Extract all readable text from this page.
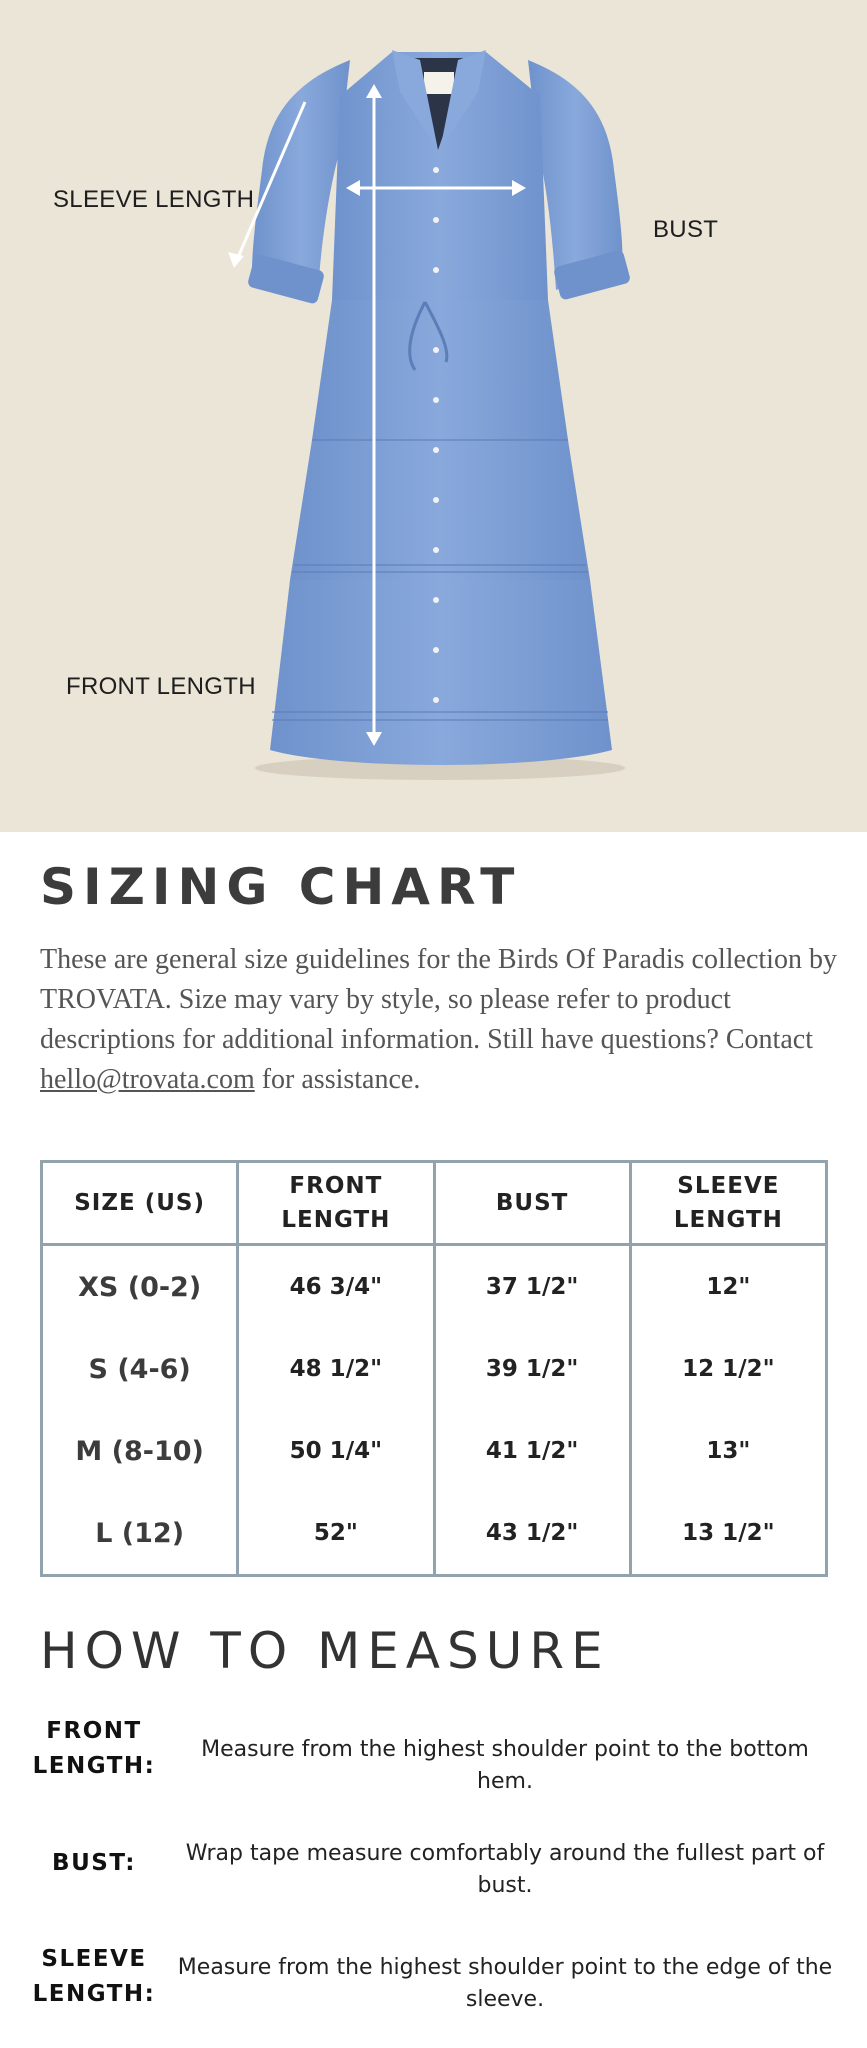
SLEEVE LENGTH
BUST
FRONT LENGTH
SIZING CHART

These are general size guidelines for the Birds Of Paradis collection by TROVATA. Size may vary by style, so please refer to product descriptions for additional information. Still have questions? Contact hello@trovata.com for assistance.

SIZE (US)	FRONT LENGTH	BUST	SLEEVE LENGTH
XS (0-2)	46 3/4"	37 1/2"	12"
S (4-6)	48 1/2"	39 1/2"	12 1/2"
M (8-10)	50 1/4"	41 1/2"	13"
L (12)	52"	43 1/2"	13 1/2"
HOW TO MEASURE
FRONT LENGTH:
Measure from the highest shoulder point to the bottom hem.
BUST:	Wrap tape measure comfortably around the fullest part of bust.
SLEEVE LENGTH:
Measure from the highest shoulder point to the edge of the sleeve.
